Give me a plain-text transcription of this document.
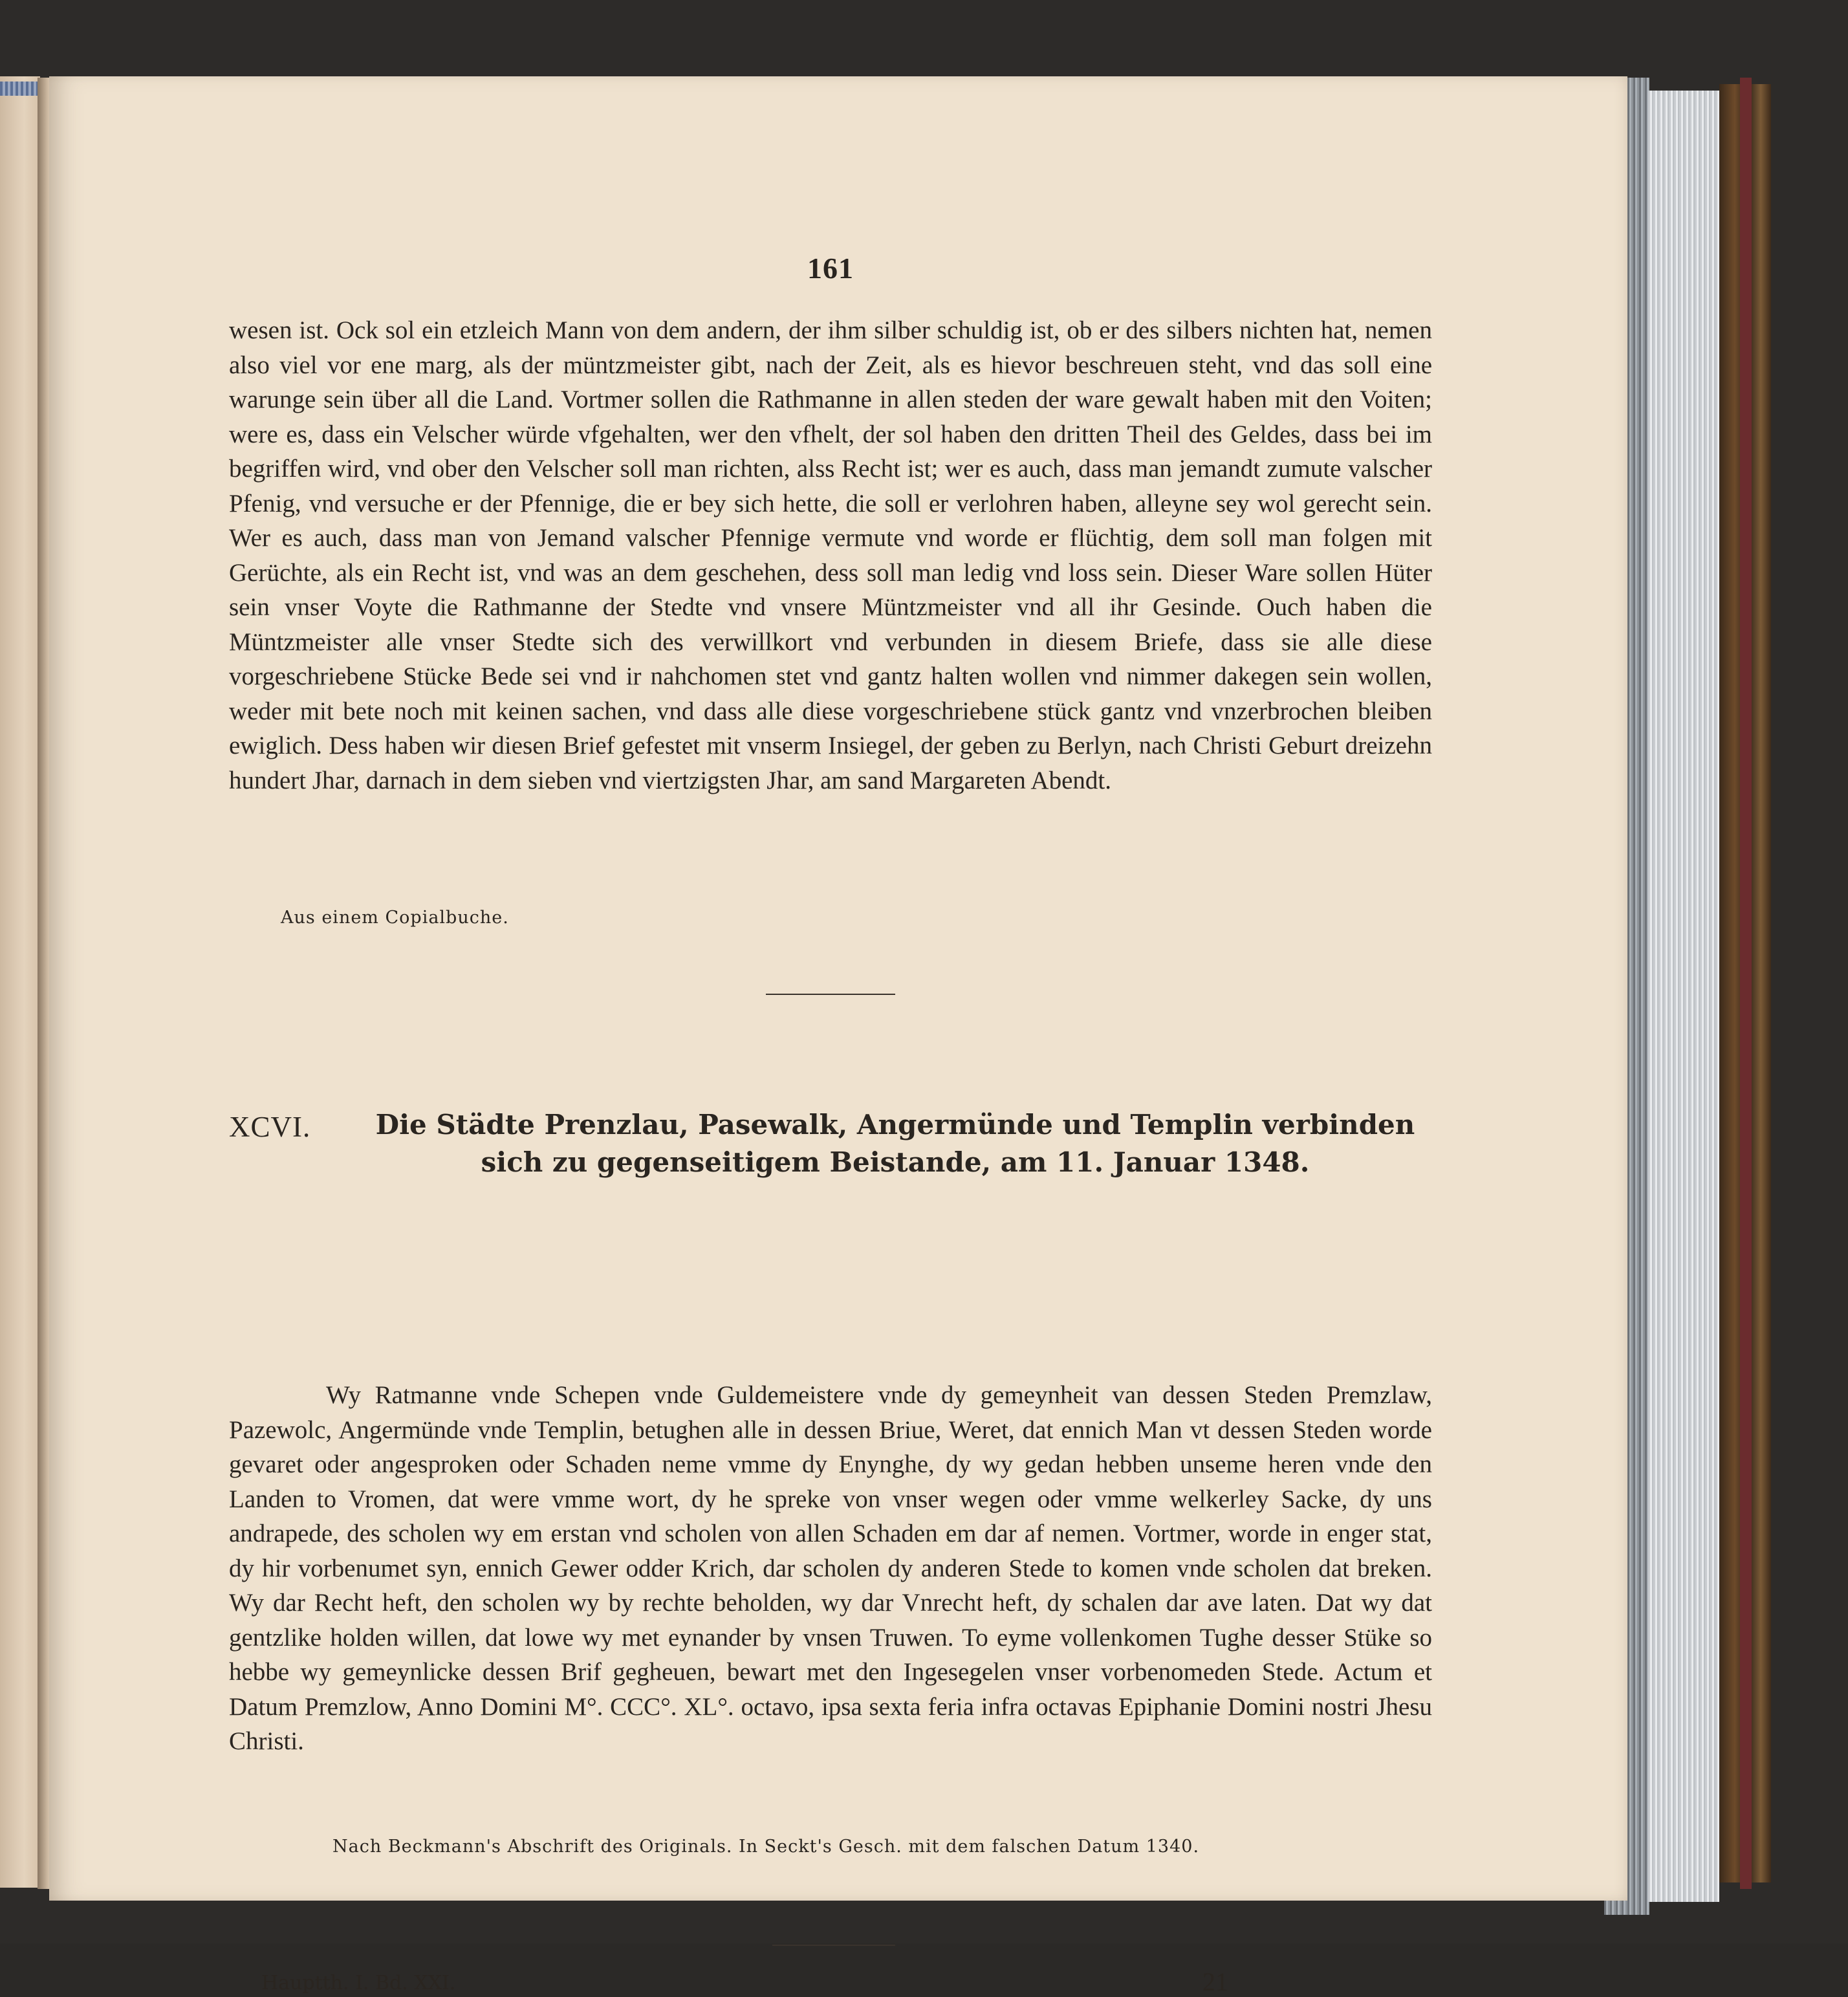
161

wesen ist. Ock sol ein etzleich Mann von dem andern, der ihm silber schuldig ist, ob er des silbers nichten hat, nemen also viel vor ene marg, als der müntzmeister gibt, nach der Zeit, als es hievor beschreuen steht, vnd das soll eine warunge sein über all die Land. Vortmer sollen die Rathmanne in allen steden der ware gewalt haben mit den Voiten; were es, dass ein Velscher würde vfgehalten, wer den vfhelt, der sol haben den dritten Theil des Geldes, dass bei im begriffen wird, vnd ober den Velscher soll man richten, alss Recht ist; wer es auch, dass man jemandt zumute valscher Pfenig, vnd versuche er der Pfennige, die er bey sich hette, die soll er verlohren haben, alleyne sey wol gerecht sein. Wer es auch, dass man von Jemand valscher Pfennige vermute vnd worde er flüchtig, dem soll man folgen mit Gerüchte, als ein Recht ist, vnd was an dem geschehen, dess soll man ledig vnd loss sein. Dieser Ware sollen Hüter sein vnser Voyte die Rathmanne der Stedte vnd vnsere Müntzmeister vnd all ihr Gesinde. Ouch haben die Müntzmeister alle vnser Stedte sich des verwillkort vnd verbunden in diesem Briefe, dass sie alle diese vorgeschriebene Stücke Bede sei vnd ir nahchomen stet vnd gantz halten wollen vnd nimmer dakegen sein wollen, weder mit bete noch mit keinen sachen, vnd dass alle diese vorgeschriebene stück gantz vnd vnzerbrochen bleiben ewiglich. Dess haben wir diesen Brief gefestet mit vnserm Insiegel, der geben zu Berlyn, nach Christi Geburt dreizehn hundert Jhar, darnach in dem sieben vnd viertzigsten Jhar, am sand Margareten Abendt.

Aus einem Copialbuche.
XCVI.	Die Städte Prenzlau, Pasewalk, Angermünde und Templin verbinden sich zu gegenseitigem Beistande, am 11. Januar 1348.

Wy Ratmanne vnde Schepen vnde Guldemeistere vnde dy gemeynheit van dessen Steden Premzlaw, Pazewolc, Angermünde vnde Templin, betughen alle in dessen Briue, Weret, dat ennich Man vt dessen Steden worde gevaret oder angesproken oder Schaden neme vmme dy Enynghe, dy wy gedan hebben unseme heren vnde den Landen to Vromen, dat were vmme wort, dy he spreke von vnser wegen oder vmme welkerley Sacke, dy uns andrapede, des scholen wy em erstan vnd scholen von allen Schaden em dar af nemen. Vortmer, worde in enger stat, dy hir vorbenumet syn, ennich Gewer odder Krich, dar scholen dy anderen Stede to komen vnde scholen dat breken. Wy dar Recht heft, den scholen wy by rechte beholden, wy dar Vnrecht heft, dy schalen dar ave laten. Dat wy dat gentzlike holden willen, dat lowe wy met eynander by vnsen Truwen. To eyme vollenkomen Tughe desser Stüke so hebbe wy gemeynlicke dessen Brif gegheuen, bewart met den Ingesegelen vnser vorbenomeden Stede. Actum et Datum Premzlow, Anno Domini M°. CCC°. XL°. octavo, ipsa sexta feria infra octavas Epiphanie Domini nostri Jhesu Christi.

Nach Beckmann's Abschrift des Originals. In Seckt's Gesch. mit dem falschen Datum 1340.
Hauptth. I. Bd. XXI.	21
